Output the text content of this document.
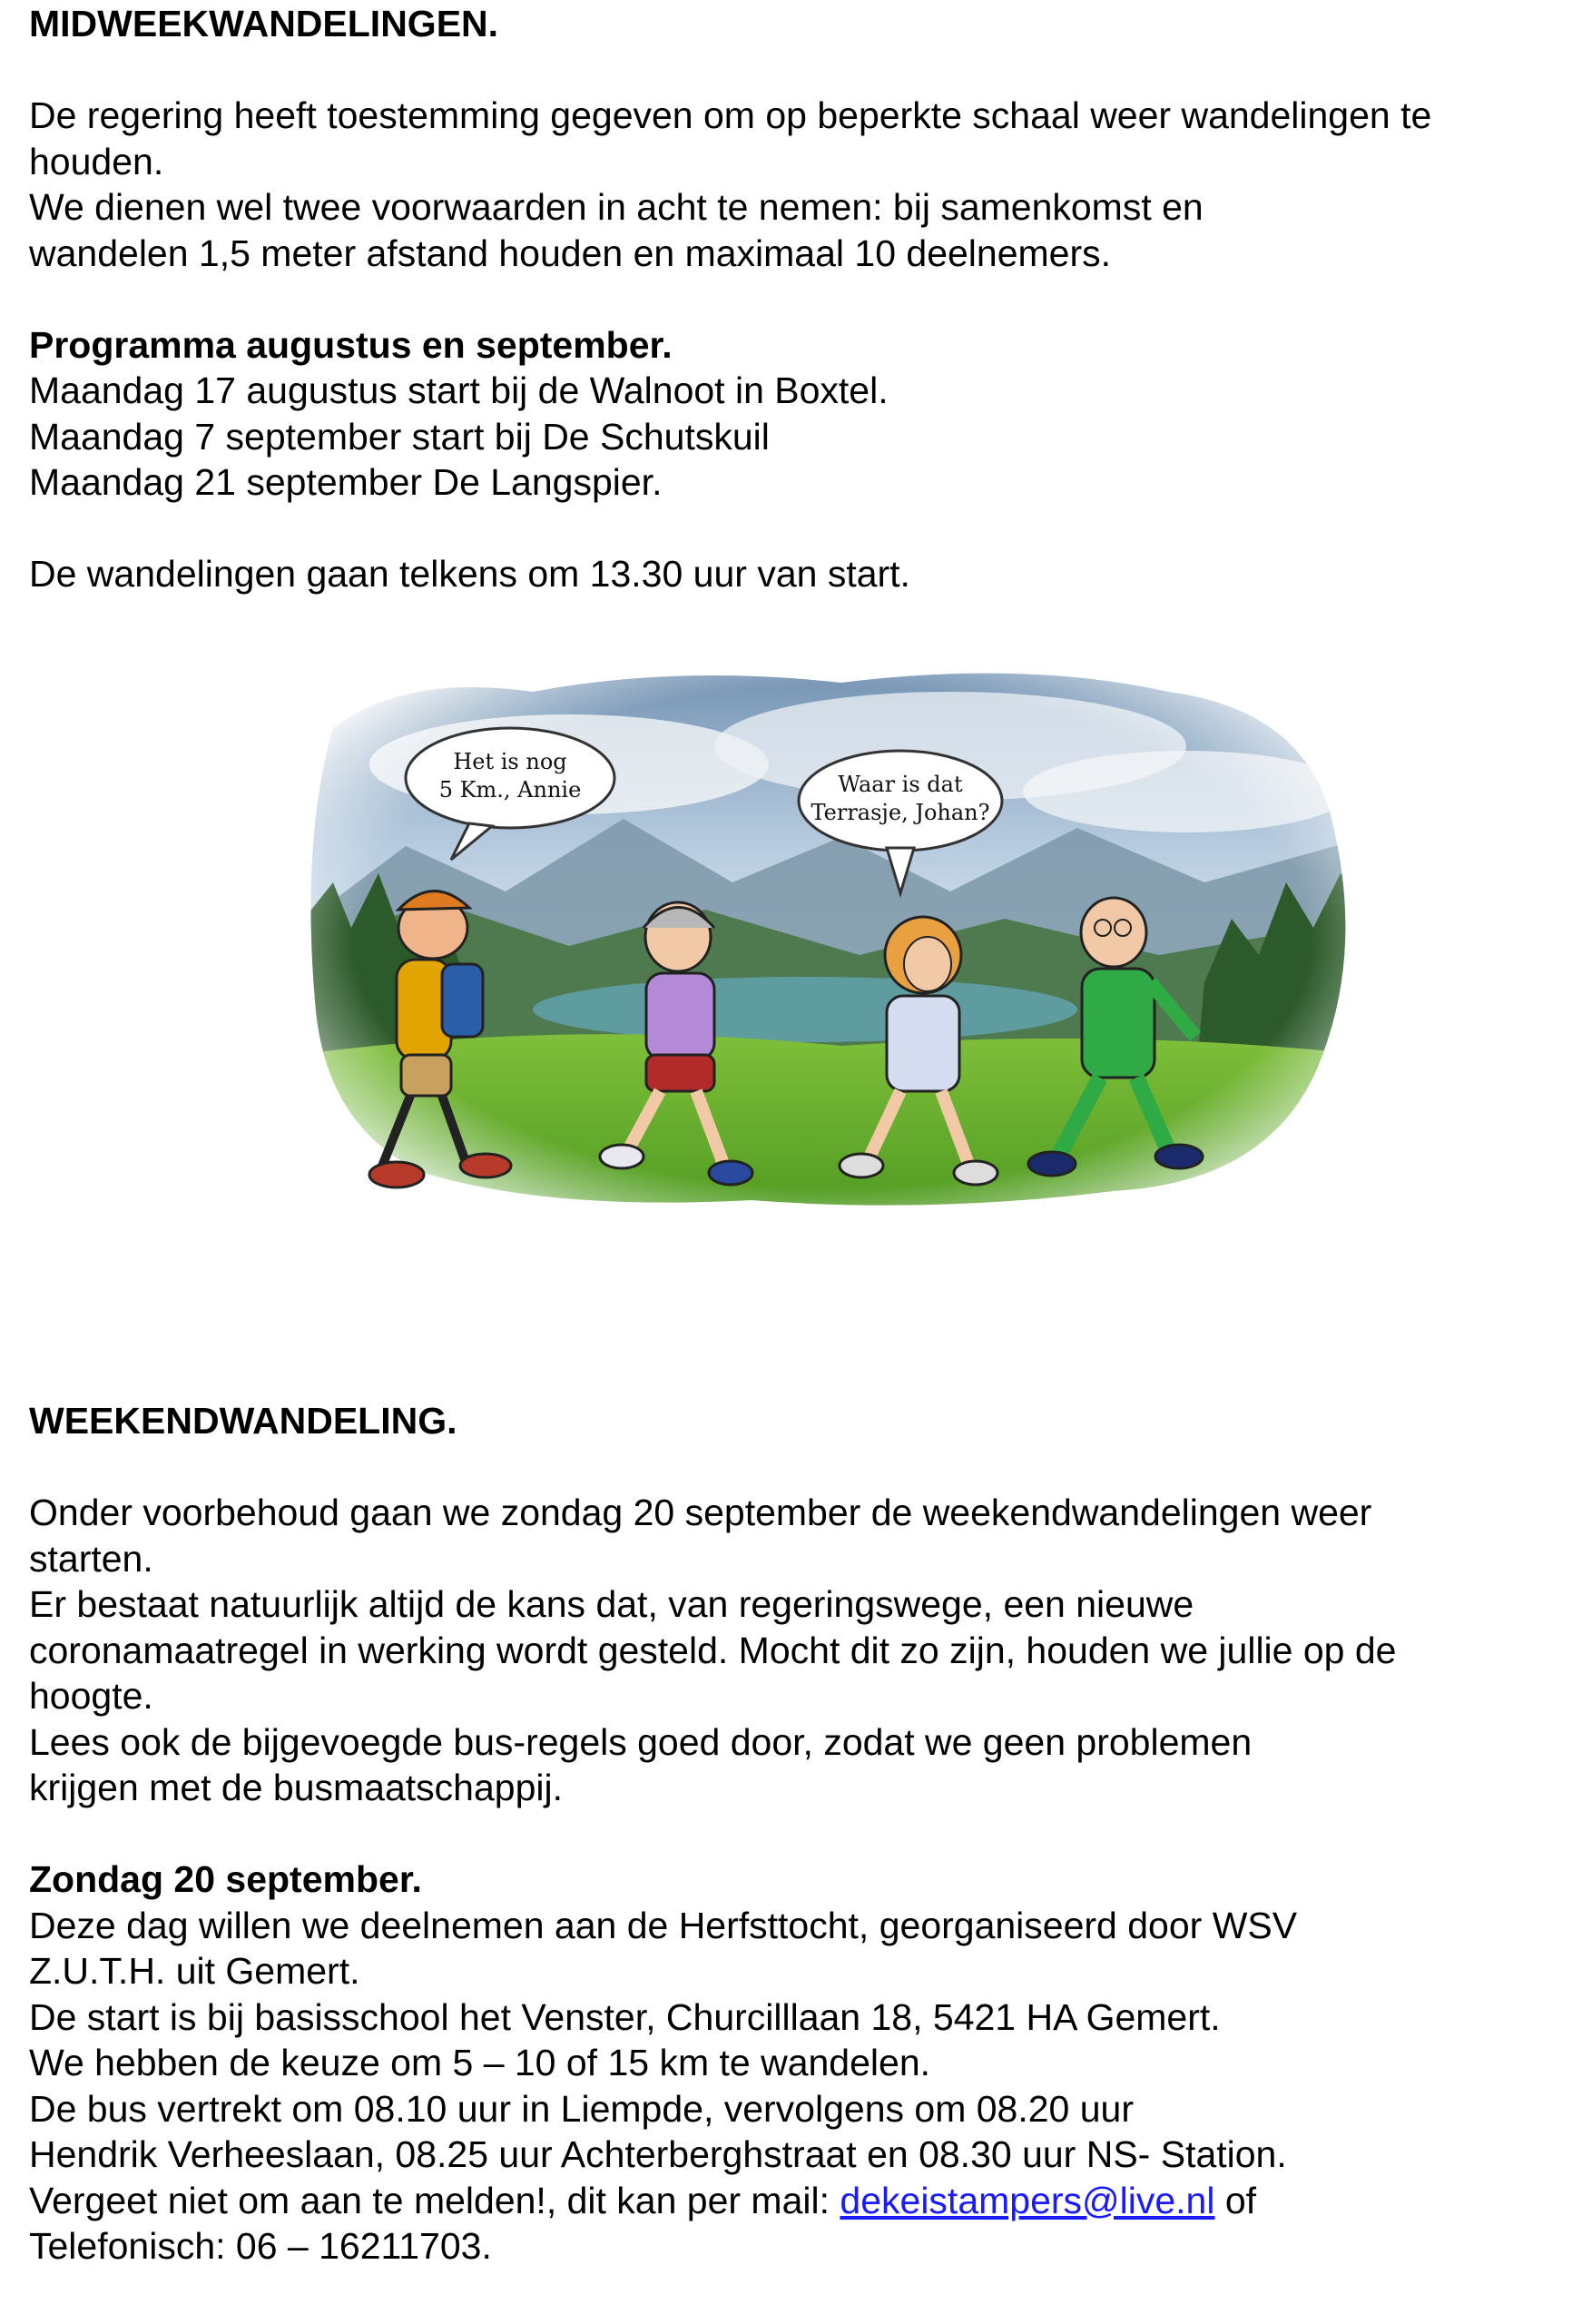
MIDWEEKWANDELINGEN.
De regering heeft toestemming gegeven om op beperkte schaal weer wandelingen te
houden.
We dienen wel twee voorwaarden in acht te nemen: bij samenkomst en
wandelen 1,5 meter afstand houden en maximaal 10 deelnemers.
Programma augustus en september.
Maandag 17 augustus start bij de Walnoot in Boxtel.
Maandag 7 september start bij De Schutskuil
Maandag 21 september De Langspier.
De wandelingen gaan telkens om 13.30 uur van start.
Het is nog
5 Km., Annie	Waar is dat
Terrasje, Johan?
WEEKENDWANDELING.
Onder voorbehoud gaan we zondag 20 september de weekendwandelingen weer
starten.
Er bestaat natuurlijk altijd de kans dat, van regeringswege, een nieuwe
coronamaatregel in werking wordt gesteld. Mocht dit zo zijn, houden we jullie op de
hoogte.
Lees ook de bijgevoegde bus-regels goed door, zodat we geen problemen
krijgen met de busmaatschappij.
Zondag 20 september.
Deze dag willen we deelnemen aan de Herfsttocht, georganiseerd door WSV
Z.U.T.H. uit Gemert.
De start is bij basisschool het Venster, Churcilllaan 18, 5421 HA Gemert.
We hebben de keuze om 5 – 10 of 15 km te wandelen.
De bus vertrekt om 08.10 uur in Liempde, vervolgens om 08.20 uur
Hendrik Verheeslaan, 08.25 uur Achterberghstraat en 08.30 uur NS- Station.
Vergeet niet om aan te melden!, dit kan per mail: dekeistampers@live.nl of
Telefonisch: 06 – 16211703.
